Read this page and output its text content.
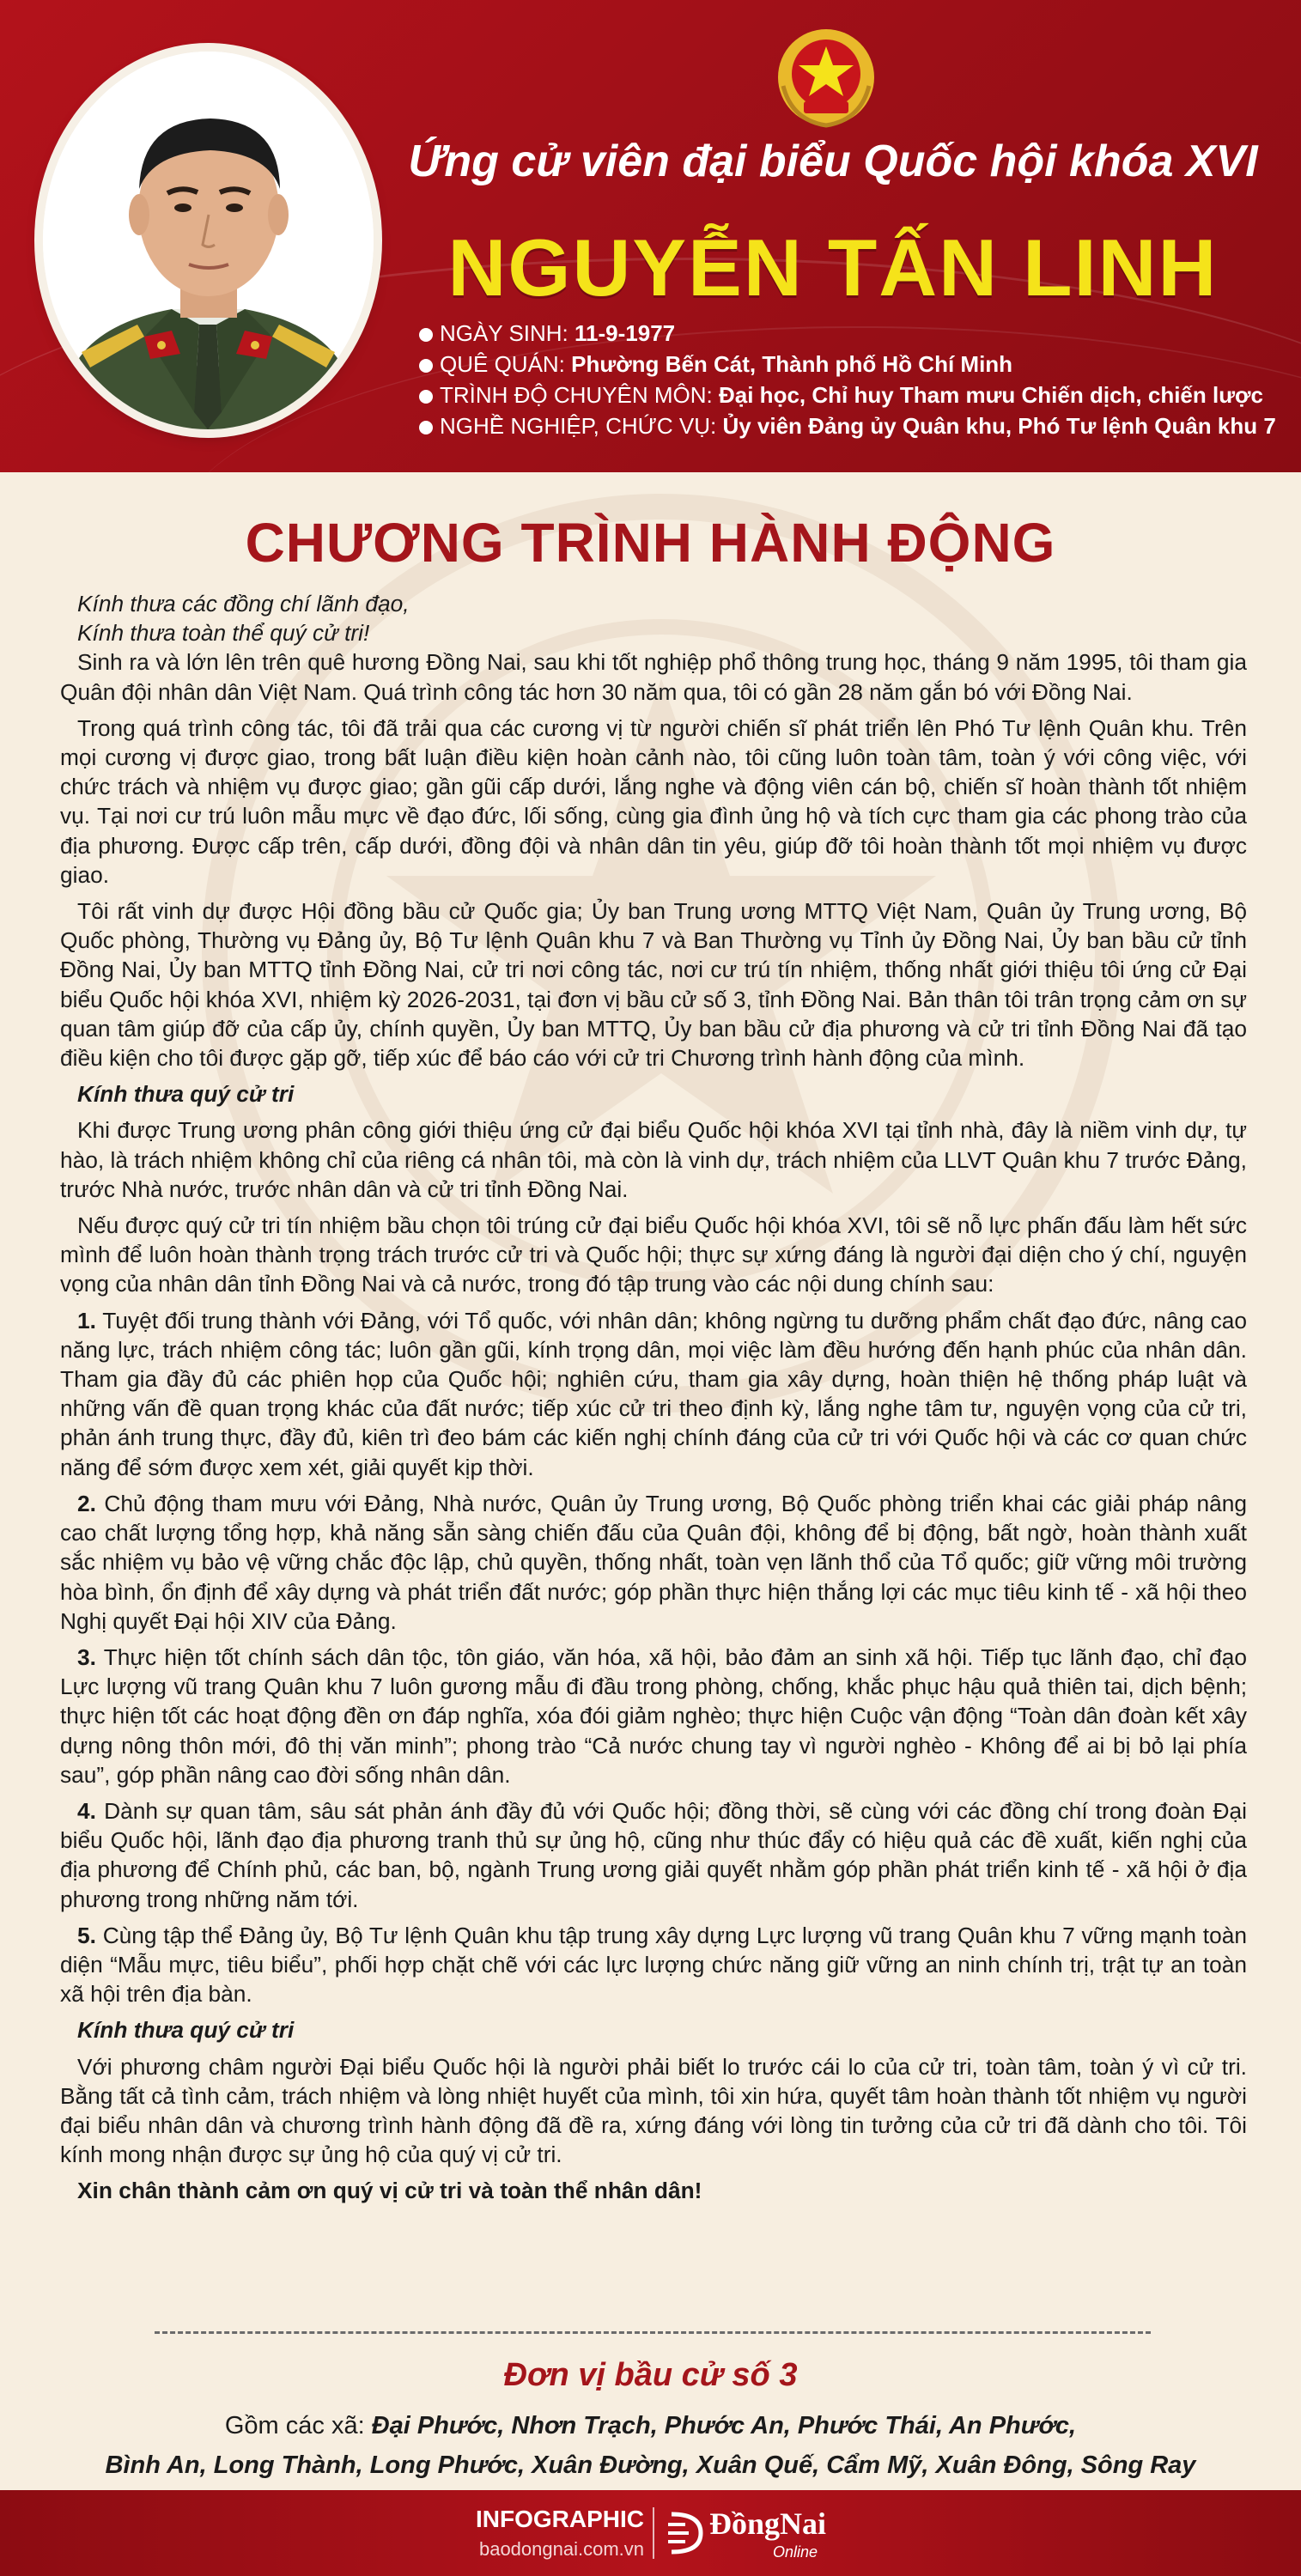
Ứng cử viên đại biểu Quốc hội khóa XVI
NGUYỄN TẤN LINH
NGÀY SINH: 11-9-1977
QUÊ QUÁN: Phường Bến Cát, Thành phố Hồ Chí Minh
TRÌNH ĐỘ CHUYÊN MÔN: Đại học, Chỉ huy Tham mưu Chiến dịch, chiến lược
NGHỀ NGHIỆP, CHỨC VỤ: Ủy viên Đảng ủy Quân khu, Phó Tư lệnh Quân khu 7
CHƯƠNG TRÌNH HÀNH ĐỘNG

Kính thưa các đồng chí lãnh đạo,

Kính thưa toàn thể quý cử tri!

Sinh ra và lớn lên trên quê hương Đồng Nai, sau khi tốt nghiệp phổ thông trung học, tháng 9 năm 1995, tôi tham gia Quân đội nhân dân Việt Nam. Quá trình công tác hơn 30 năm qua, tôi có gần 28 năm gắn bó với Đồng Nai.

Trong quá trình công tác, tôi đã trải qua các cương vị từ người chiến sĩ phát triển lên Phó Tư lệnh Quân khu. Trên mọi cương vị được giao, trong bất luận điều kiện hoàn cảnh nào, tôi cũng luôn toàn tâm, toàn ý với công việc, với chức trách và nhiệm vụ được giao; gần gũi cấp dưới, lắng nghe và động viên cán bộ, chiến sĩ hoàn thành tốt nhiệm vụ. Tại nơi cư trú luôn mẫu mực về đạo đức, lối sống, cùng gia đình ủng hộ và tích cực tham gia các phong trào của địa phương. Được cấp trên, cấp dưới, đồng đội và nhân dân tin yêu, giúp đỡ tôi hoàn thành tốt mọi nhiệm vụ được giao.

Tôi rất vinh dự được Hội đồng bầu cử Quốc gia; Ủy ban Trung ương MTTQ Việt Nam, Quân ủy Trung ương, Bộ Quốc phòng, Thường vụ Đảng ủy, Bộ Tư lệnh Quân khu 7 và Ban Thường vụ Tỉnh ủy Đồng Nai, Ủy ban bầu cử tỉnh Đồng Nai, Ủy ban MTTQ tỉnh Đồng Nai, cử tri nơi công tác, nơi cư trú tín nhiệm, thống nhất giới thiệu tôi ứng cử Đại biểu Quốc hội khóa XVI, nhiệm kỳ 2026-2031, tại đơn vị bầu cử số 3, tỉnh Đồng Nai. Bản thân tôi trân trọng cảm ơn sự quan tâm giúp đỡ của cấp ủy, chính quyền, Ủy ban MTTQ, Ủy ban bầu cử địa phương và cử tri tỉnh Đồng Nai đã tạo điều kiện cho tôi được gặp gỡ, tiếp xúc để báo cáo với cử tri Chương trình hành động của mình.

Kính thưa quý cử tri

Khi được Trung ương phân công giới thiệu ứng cử đại biểu Quốc hội khóa XVI tại tỉnh nhà, đây là niềm vinh dự, tự hào, là trách nhiệm không chỉ của riêng cá nhân tôi, mà còn là vinh dự, trách nhiệm của LLVT Quân khu 7 trước Đảng, trước Nhà nước, trước nhân dân và cử tri tỉnh Đồng Nai.

Nếu được quý cử tri tín nhiệm bầu chọn tôi trúng cử đại biểu Quốc hội khóa XVI, tôi sẽ nỗ lực phấn đấu làm hết sức mình để luôn hoàn thành trọng trách trước cử tri và Quốc hội; thực sự xứng đáng là người đại diện cho ý chí, nguyện vọng của nhân dân tỉnh Đồng Nai và cả nước, trong đó tập trung vào các nội dung chính sau:

1. Tuyệt đối trung thành với Đảng, với Tổ quốc, với nhân dân; không ngừng tu dưỡng phẩm chất đạo đức, nâng cao năng lực, trách nhiệm công tác; luôn gần gũi, kính trọng dân, mọi việc làm đều hướng đến hạnh phúc của nhân dân. Tham gia đầy đủ các phiên họp của Quốc hội; nghiên cứu, tham gia xây dựng, hoàn thiện hệ thống pháp luật và những vấn đề quan trọng khác của đất nước; tiếp xúc cử tri theo định kỳ, lắng nghe tâm tư, nguyện vọng của cử tri, phản ánh trung thực, đầy đủ, kiên trì đeo bám các kiến nghị chính đáng của cử tri với Quốc hội và các cơ quan chức năng để sớm được xem xét, giải quyết kịp thời.

2. Chủ động tham mưu với Đảng, Nhà nước, Quân ủy Trung ương, Bộ Quốc phòng triển khai các giải pháp nâng cao chất lượng tổng hợp, khả năng sẵn sàng chiến đấu của Quân đội, không để bị động, bất ngờ, hoàn thành xuất sắc nhiệm vụ bảo vệ vững chắc độc lập, chủ quyền, thống nhất, toàn vẹn lãnh thổ của Tổ quốc; giữ vững môi trường hòa bình, ổn định để xây dựng và phát triển đất nước; góp phần thực hiện thắng lợi các mục tiêu kinh tế - xã hội theo Nghị quyết Đại hội XIV của Đảng.

3. Thực hiện tốt chính sách dân tộc, tôn giáo, văn hóa, xã hội, bảo đảm an sinh xã hội. Tiếp tục lãnh đạo, chỉ đạo Lực lượng vũ trang Quân khu 7 luôn gương mẫu đi đầu trong phòng, chống, khắc phục hậu quả thiên tai, dịch bệnh; thực hiện tốt các hoạt động đền ơn đáp nghĩa, xóa đói giảm nghèo; thực hiện Cuộc vận động “Toàn dân đoàn kết xây dựng nông thôn mới, đô thị văn minh”; phong trào “Cả nước chung tay vì người nghèo - Không để ai bị bỏ lại phía sau”, góp phần nâng cao đời sống nhân dân.

4. Dành sự quan tâm, sâu sát phản ánh đầy đủ với Quốc hội; đồng thời, sẽ cùng với các đồng chí trong đoàn Đại biểu Quốc hội, lãnh đạo địa phương tranh thủ sự ủng hộ, cũng như thúc đẩy có hiệu quả các đề xuất, kiến nghị của địa phương để Chính phủ, các ban, bộ, ngành Trung ương giải quyết nhằm góp phần phát triển kinh tế - xã hội ở địa phương trong những năm tới.

5. Cùng tập thể Đảng ủy, Bộ Tư lệnh Quân khu tập trung xây dựng Lực lượng vũ trang Quân khu 7 vững mạnh toàn diện “Mẫu mực, tiêu biểu”, phối hợp chặt chẽ với các lực lượng chức năng giữ vững an ninh chính trị, trật tự an toàn xã hội trên địa bàn.

Kính thưa quý cử tri

Với phương châm người Đại biểu Quốc hội là người phải biết lo trước cái lo của cử tri, toàn tâm, toàn ý vì cử tri. Bằng tất cả tình cảm, trách nhiệm và lòng nhiệt huyết của mình, tôi xin hứa, quyết tâm hoàn thành tốt nhiệm vụ người đại biểu nhân dân và chương trình hành động đã đề ra, xứng đáng với lòng tin tưởng của cử tri đã dành cho tôi. Tôi kính mong nhận được sự ủng hộ của quý vị cử tri.

Xin chân thành cảm ơn quý vị cử tri và toàn thể nhân dân!

Đơn vị bầu cử số 3
Gồm các xã: Đại Phước, Nhơn Trạch, Phước An, Phước Thái, An Phước,
Bình An, Long Thành, Long Phước, Xuân Đường, Xuân Quế, Cẩm Mỹ, Xuân Đông, Sông Ray
INFOGRAPHIC
baodongnai.com.vn
ĐồngNai
Online
